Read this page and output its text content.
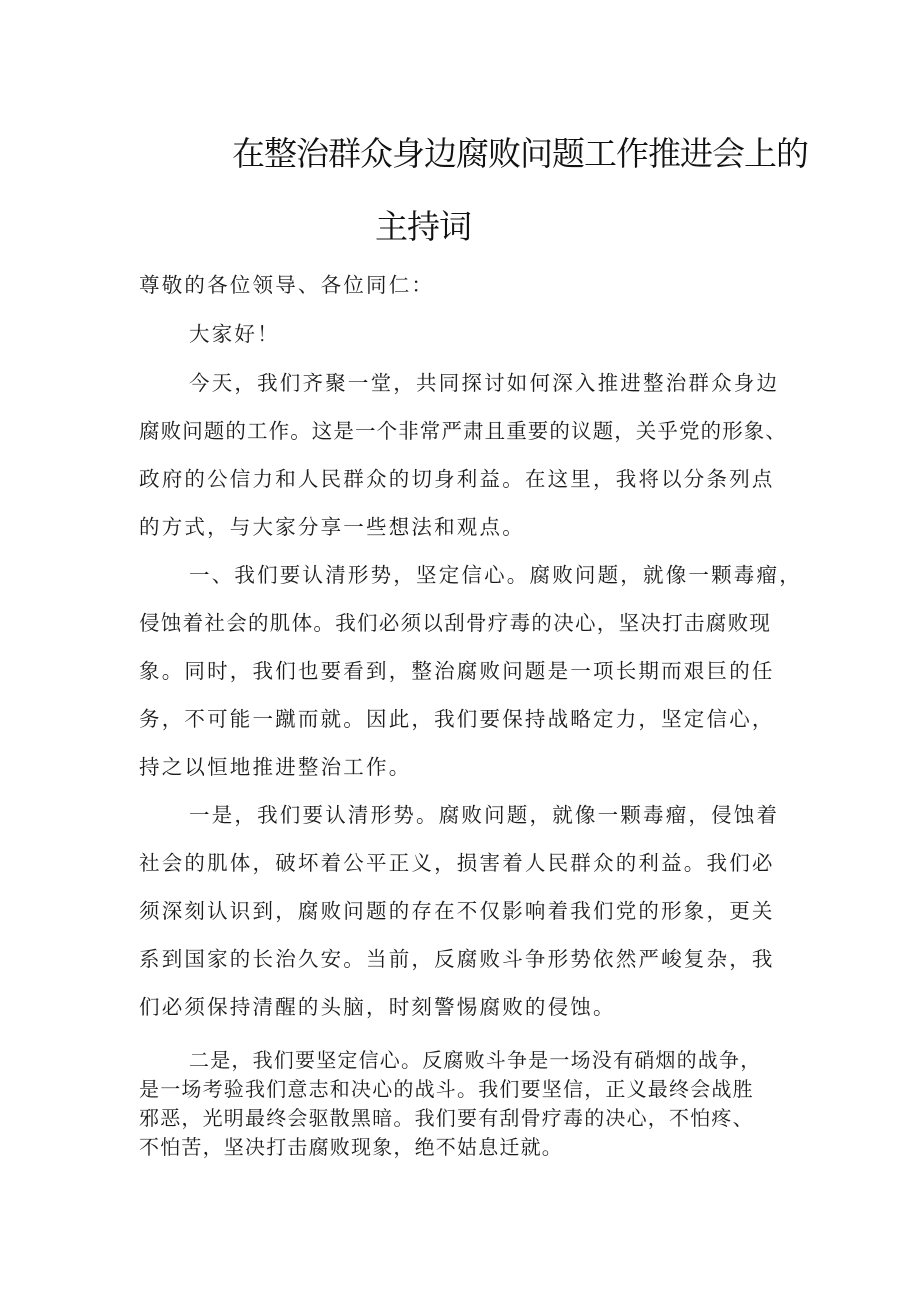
在整治群众身边腐败问题工作推进会上的
主持词
尊敬的各位领导、各位同仁：
大家好！
今天，我们齐聚一堂，共同探讨如何深入推进整治群众身边
腐败问题的工作。这是一个非常严肃且重要的议题，关乎党的形象、
政府的公信力和人民群众的切身利益。在这里，我将以分条列点
的方式，与大家分享一些想法和观点。
一、我们要认清形势，坚定信心。腐败问题，就像一颗毒瘤，
侵蚀着社会的肌体。我们必须以刮骨疗毒的决心，坚决打击腐败现
象。同时，我们也要看到，整治腐败问题是一项长期而艰巨的任
务，不可能一蹴而就。因此，我们要保持战略定力，坚定信心，
持之以恒地推进整治工作。
一是，我们要认清形势。腐败问题，就像一颗毒瘤，侵蚀着
社会的肌体，破坏着公平正义，损害着人民群众的利益。我们必
须深刻认识到，腐败问题的存在不仅影响着我们党的形象，更关
系到国家的长治久安。当前，反腐败斗争形势依然严峻复杂，我
们必须保持清醒的头脑，时刻警惕腐败的侵蚀。
二是，我们要坚定信心。反腐败斗争是一场没有硝烟的战争，
是一场考验我们意志和决心的战斗。我们要坚信，正义最终会战胜
邪恶，光明最终会驱散黑暗。我们要有刮骨疗毒的决心，不怕疼、
不怕苦，坚决打击腐败现象，绝不姑息迁就。
